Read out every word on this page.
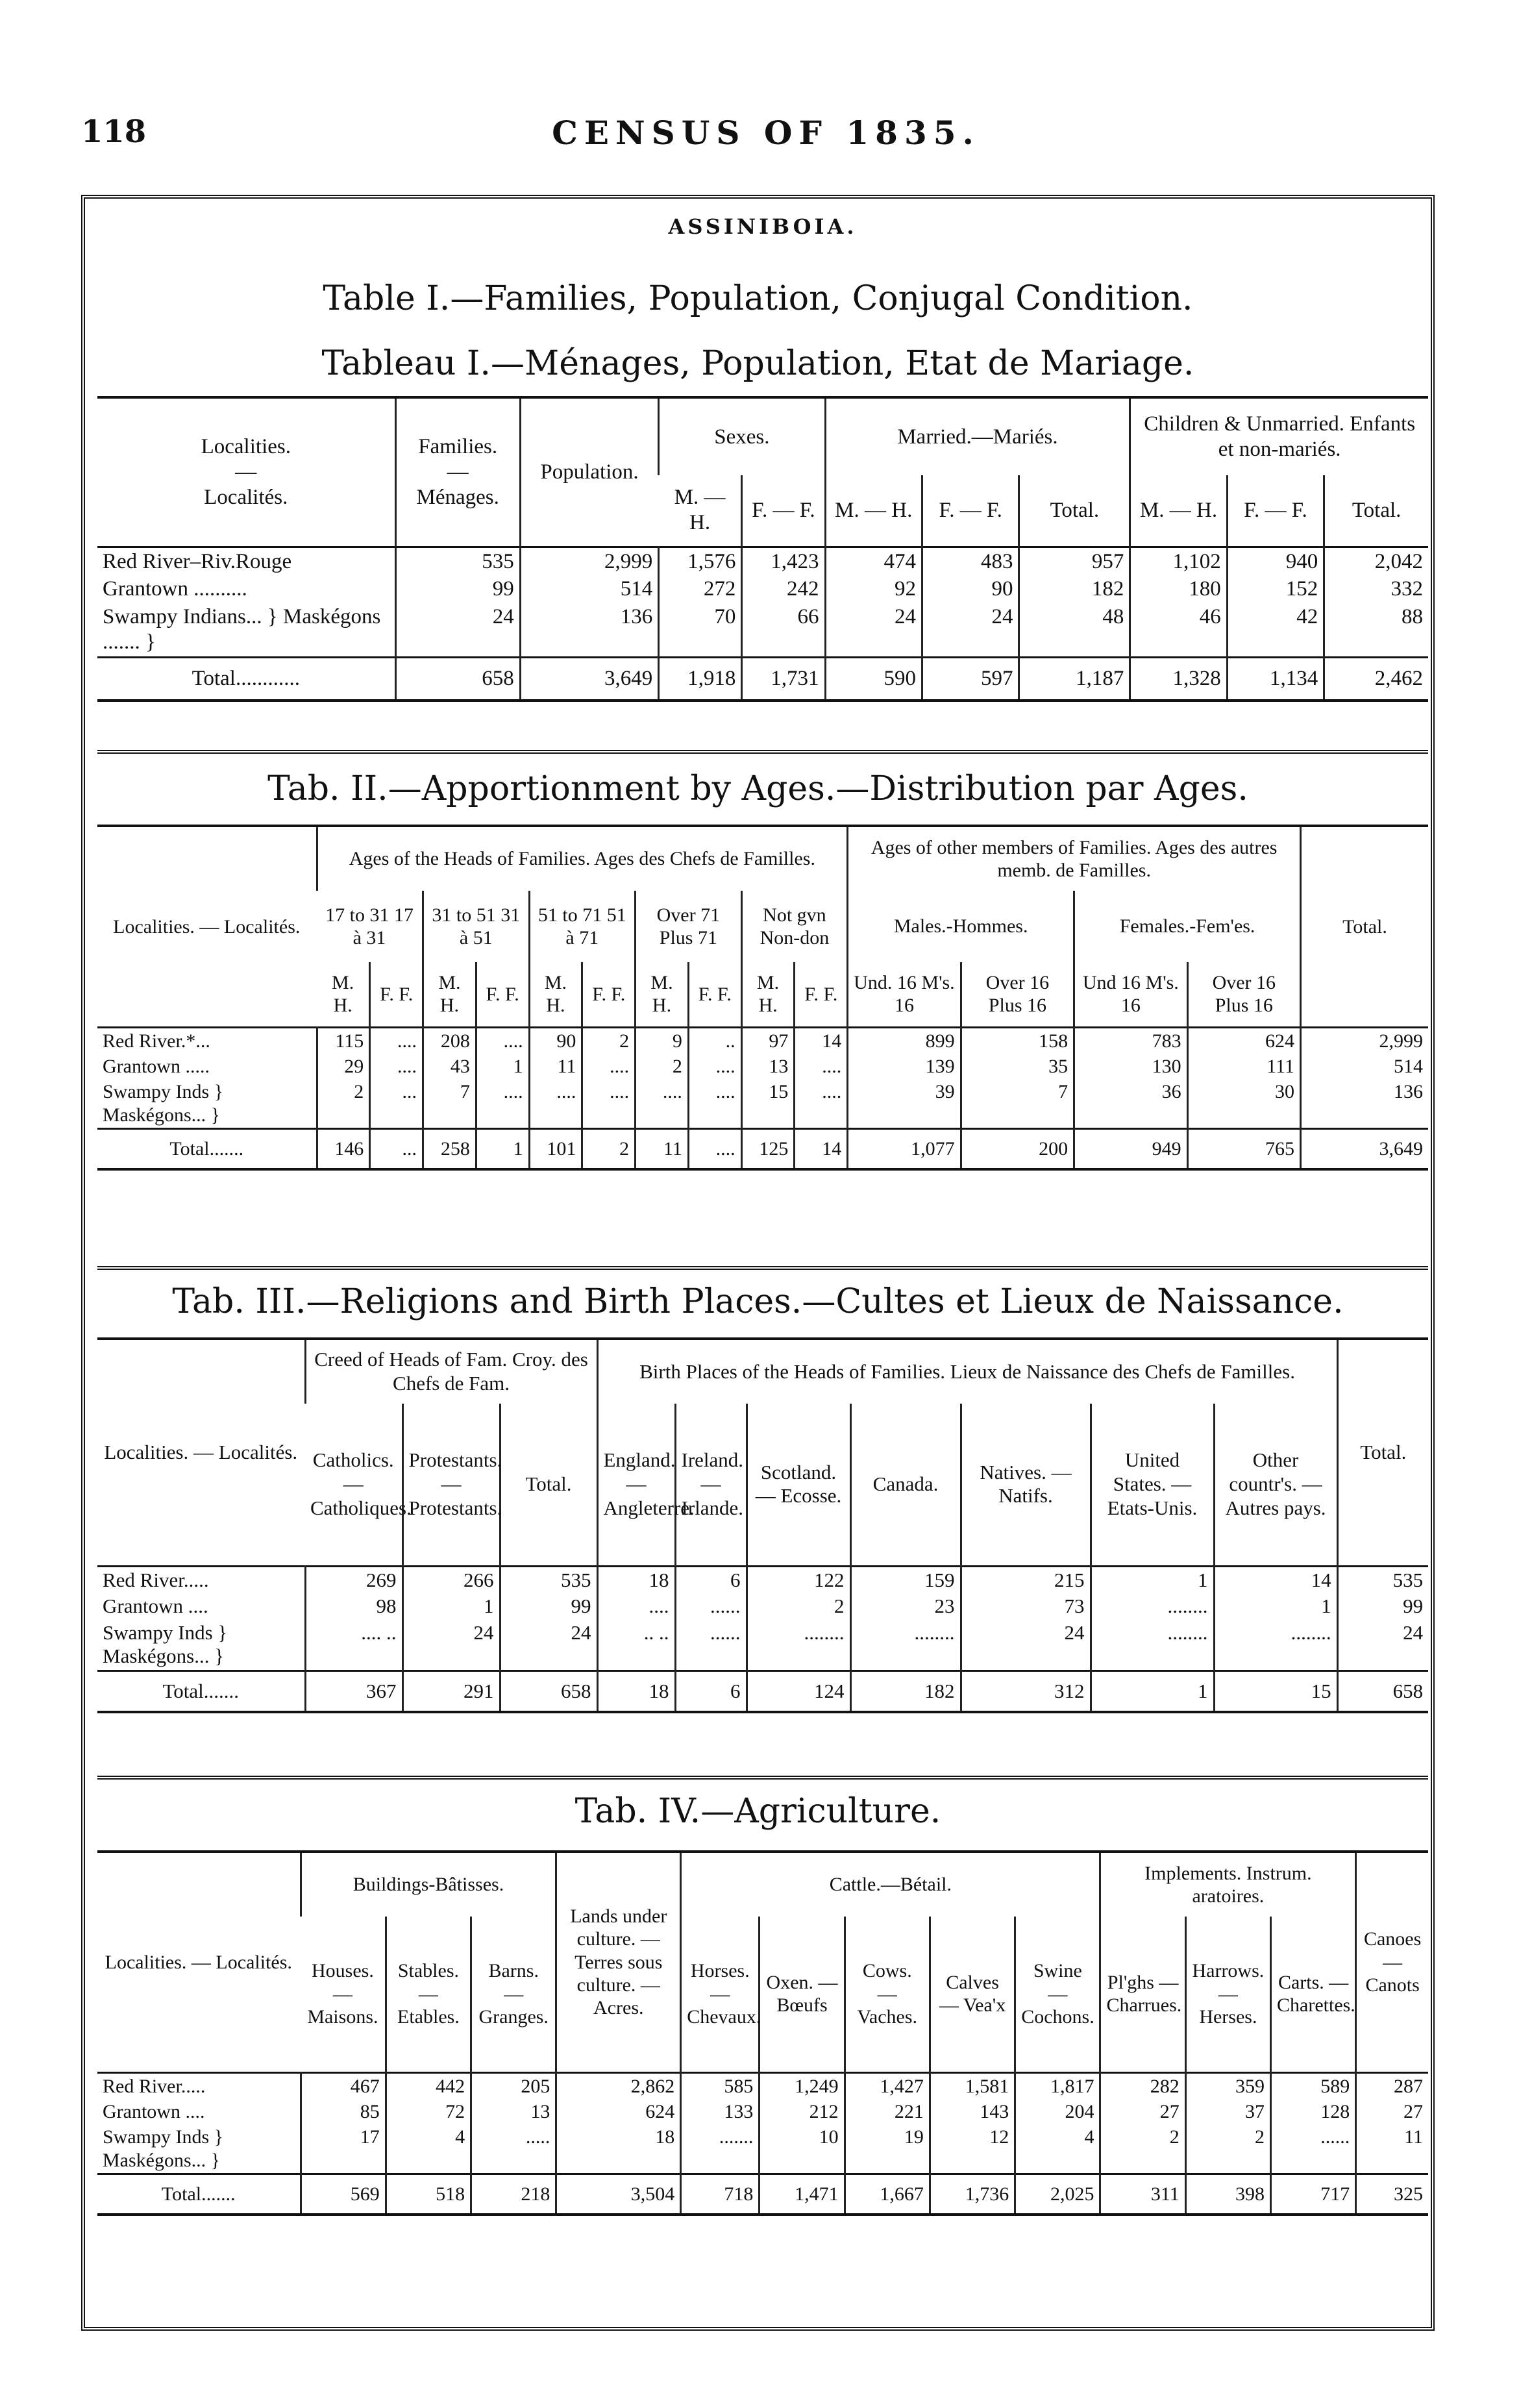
118	CENSUS OF 1835.
ASSINIBOIA.
Table I.—Families, Population, Conjugal Condition.
Tableau I.—Ménages, Population, Etat de Mariage.
Localities.
—
Localités.	Families.
—
Ménages.	Population.	Sexes.		Married.—Mariés.			Children & Unmarried. Enfants et non-mariés.		
			M. — H.	F. — F.	M. — H.	F. — F.	Total.	M. — H.	F. — F.	Total.
Red River–Riv.Rouge	535	2,999	1,576	1,423	474	483	957	1,102	940	2,042
Grantown ..........	99	514	272	242	92	90	182	180	152	332
Swampy Indians... } Maskégons ....... }	24	136	70	66	24	24	48	46	42	88
Total............	658	3,649	1,918	1,731	590	597	1,187	1,328	1,134	2,462
Tab. II.—Apportionment by Ages.—Distribution par Ages.
Localities. — Localités.	Ages of the Heads of Families. Ages des Chefs de Familles.										Ages of other members of Families. Ages des autres memb. de Familles.				Total.
	17 to 31 17 à 31		31 to 51 31 à 51		51 to 71 51 à 71		Over 71 Plus 71		Not gvn Non-don		Males.-Hommes.		Females.-Fem'es.		
	M. H.	F. F.	M. H.	F. F.	M. H.	F. F.	M. H.	F. F.	M. H.	F. F.	Und. 16 M's. 16	Over 16 Plus 16	Und 16 M's. 16	Over 16 Plus 16	
Red River.*...	115	....	208	....	90	2	9	..	97	14	899	158	783	624	2,999
Grantown .....	29	....	43	1	11	....	2	....	13	....	139	35	130	111	514
Swampy Inds } Maskégons... }	2	...	7	....	....	....	....	....	15	....	39	7	36	30	136
Total.......	146	...	258	1	101	2	11	....	125	14	1,077	200	949	765	3,649
Tab. III.—Religions and Birth Places.—Cultes et Lieux de Naissance.
Localities. — Localités.	Creed of Heads of Fam. Croy. des Chefs de Fam.			Birth Places of the Heads of Families. Lieux de Naissance des Chefs de Familles.							Total.
	Catholics. — Catholiques.	Protestants. — Protestants.	Total.	England. — Angleterre.	Ireland. — Irlande.	Scotland. — Ecosse.	Canada.	Natives. — Natifs.	United States. — Etats-Unis.	Other countr's. — Autres pays.	
Red River.....	269	266	535	18	6	122	159	215	1	14	535
Grantown ....	98	1	99	....	......	2	23	73	........	1	99
Swampy Inds } Maskégons... }	.... ..	24	24	.. ..	......	........	........	24	........	........	24
Total.......	367	291	658	18	6	124	182	312	1	15	658
Tab. IV.—Agriculture.
Localities. — Localités.	Buildings-Bâtisses.			Lands under culture. — Terres sous culture. — Acres.	Cattle.—Bétail.					Implements. Instrum. aratoires.			Canoes — Canots
	Houses. — Maisons.	Stables. — Etables.	Barns. — Granges.		Horses. — Chevaux.	Oxen. — Bœufs	Cows. — Vaches.	Calves — Vea'x	Swine — Cochons.	Pl'ghs — Charrues.	Harrows. — Herses.	Carts. — Charettes.	
Red River.....	467	442	205	2,862	585	1,249	1,427	1,581	1,817	282	359	589	287
Grantown ....	85	72	13	624	133	212	221	143	204	27	37	128	27
Swampy Inds } Maskégons... }	17	4	.....	18	.......	10	19	12	4	2	2	......	11
Total.......	569	518	218	3,504	718	1,471	1,667	1,736	2,025	311	398	717	325
